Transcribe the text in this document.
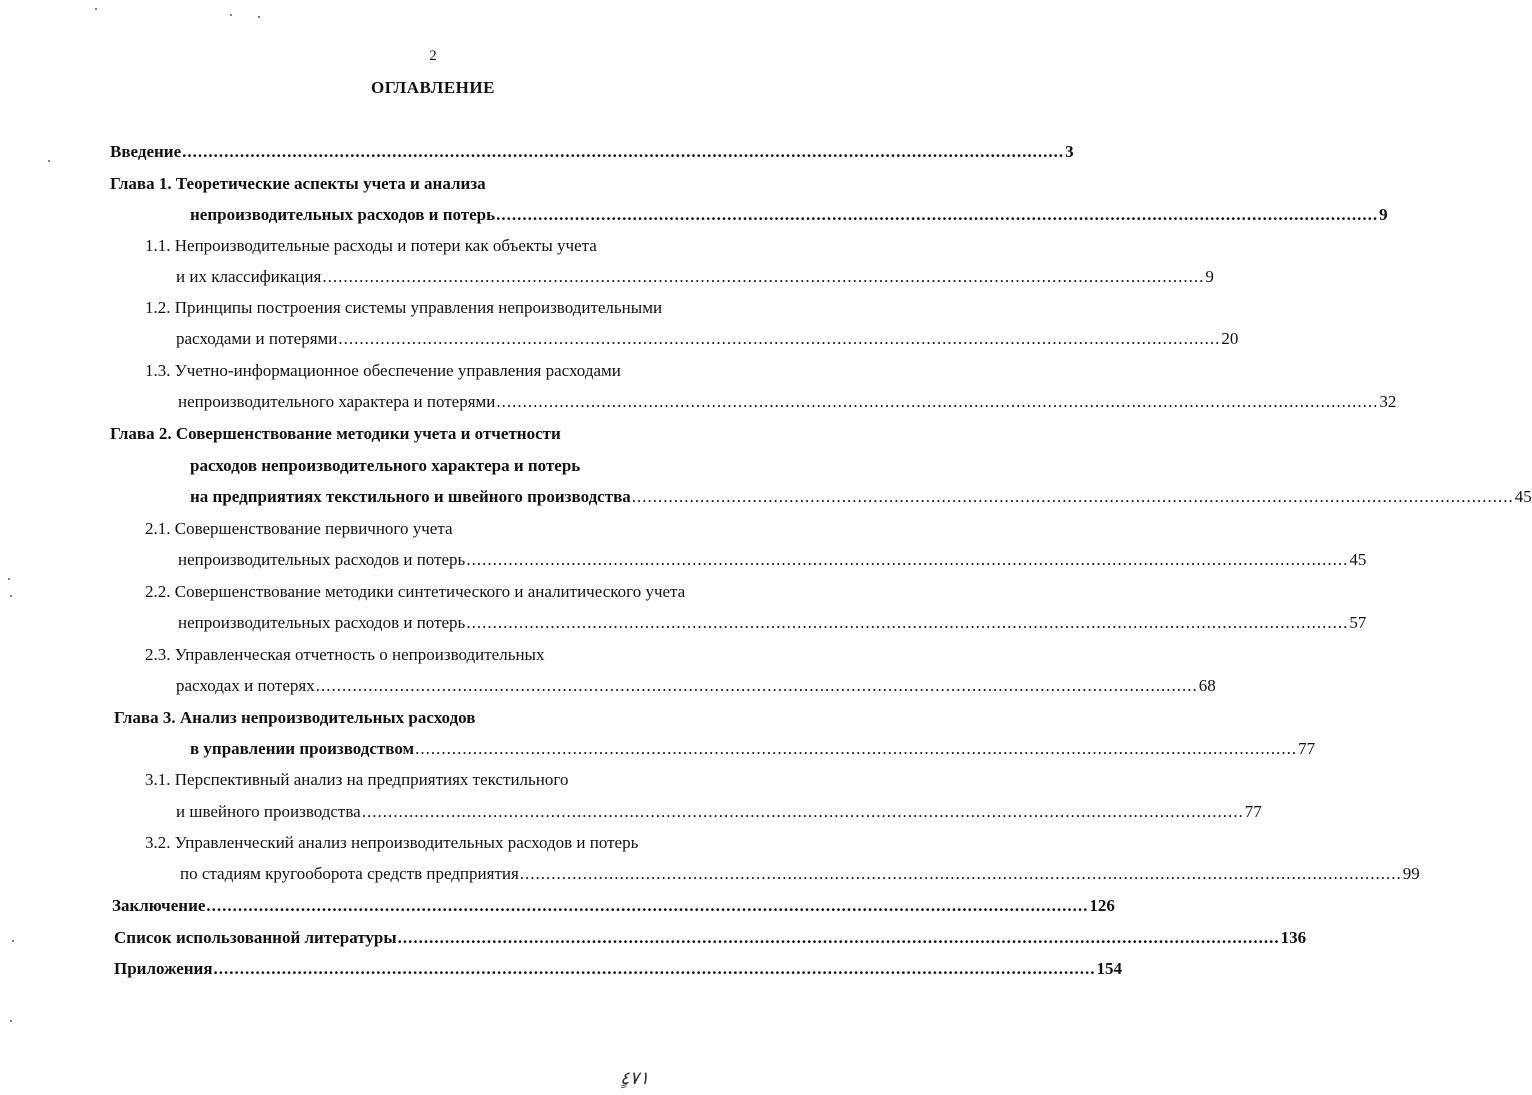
2
ОГЛАВЛЕНИЕ
Введение ........................................................................................................................................................................ 3
Глава 1. Теоретические аспекты учета и анализа
непроизводительных расходов и потерь ........................................................................................................................................................................ 9
1.1. Непроизводительные расходы и потери как объекты учета
и их классификация ........................................................................................................................................................................ 9
1.2. Принципы построения системы управления непроизводительными
расходами и потерями ........................................................................................................................................................................ 20
1.3. Учетно-информационное обеспечение управления расходами
непроизводительного характера и потерями ........................................................................................................................................................................ 32
Глава 2. Совершенствование методики учета и отчетности
расходов непроизводительного характера и потерь
на предприятиях текстильного и швейного производства ........................................................................................................................................................................ 45
2.1. Совершенствование первичного учета
непроизводительных расходов и потерь ........................................................................................................................................................................ 45
2.2. Совершенствование методики синтетического и аналитического учета
непроизводительных расходов и потерь ........................................................................................................................................................................ 57
2.3. Управленческая отчетность о непроизводительных
расходах и потерях ........................................................................................................................................................................ 68
Глава 3. Анализ непроизводительных расходов
в управлении производством ........................................................................................................................................................................ 77
3.1. Перспективный анализ на предприятиях текстильного
и швейного производства ........................................................................................................................................................................ 77
3.2. Управленческий анализ непроизводительных расходов и потерь
по стадиям кругооборота средств предприятия ........................................................................................................................................................................ 99
Заключение ........................................................................................................................................................................ 126
Список использованной литературы ........................................................................................................................................................................ 136
Приложения ........................................................................................................................................................................ 154
ٍ٤٧١
